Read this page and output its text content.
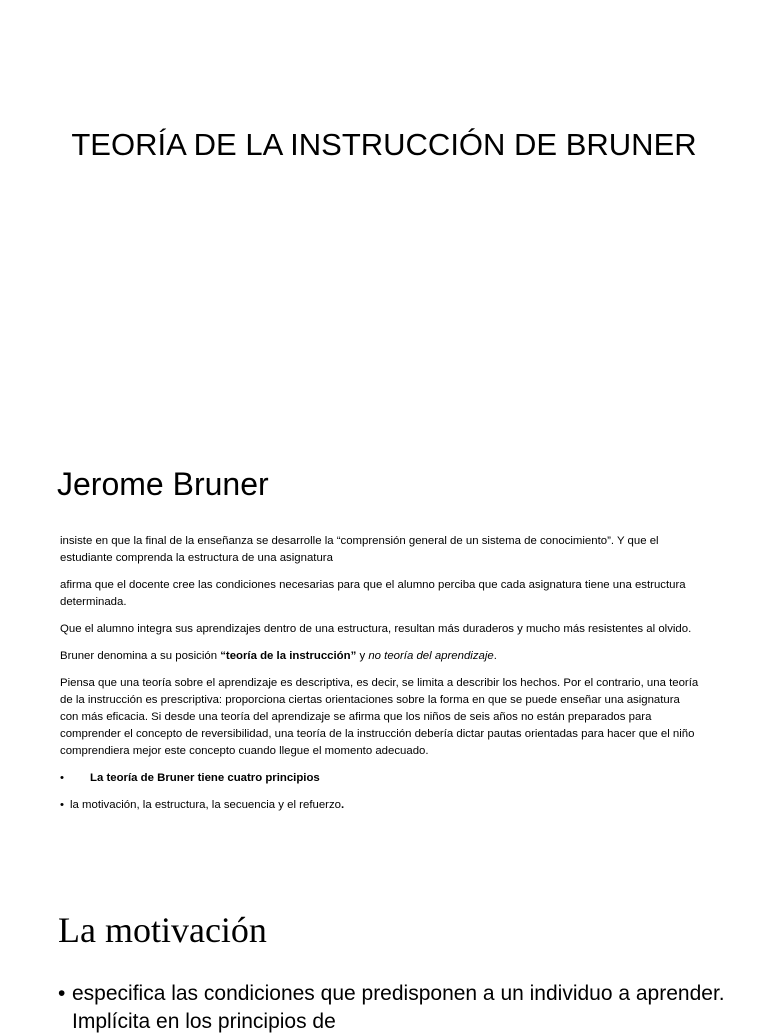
TEORÍA DE LA INSTRUCCIÓN DE BRUNER
Jerome Bruner

insiste en que la final de la enseñanza se desarrolle la “comprensión general de un sistema de conocimiento”. Y que el estudiante comprenda la estructura de una asignatura

afirma que el docente cree las condiciones necesarias para que el alumno perciba que cada asignatura tiene una estructura determinada.

Que el alumno integra sus aprendizajes dentro de una estructura, resultan más duraderos y mucho más resistentes al olvido.

Bruner denomina a su posición “teoría de la instrucción” y no teoría del aprendizaje.

Piensa que una teoría sobre el aprendizaje es descriptiva, es decir, se limita a describir los hechos. Por el contrario, una teoría de la instrucción es prescriptiva: proporciona ciertas orientaciones sobre la forma en que se puede enseñar una asignatura con más eficacia. Si desde una teoría del aprendizaje se afirma que los niños de seis años no están preparados para comprender el concepto de reversibilidad, una teoría de la instrucción debería dictar pautas orientadas para hacer que el niño comprendiera mejor este concepto cuando llegue el momento adecuado.

•	La teoría de Bruner tiene cuatro principios
• la motivación, la estructura, la secuencia y el refuerzo.
La motivación
• especifica las condiciones que predisponen a un individuo a aprender. Implícita en los principios de
